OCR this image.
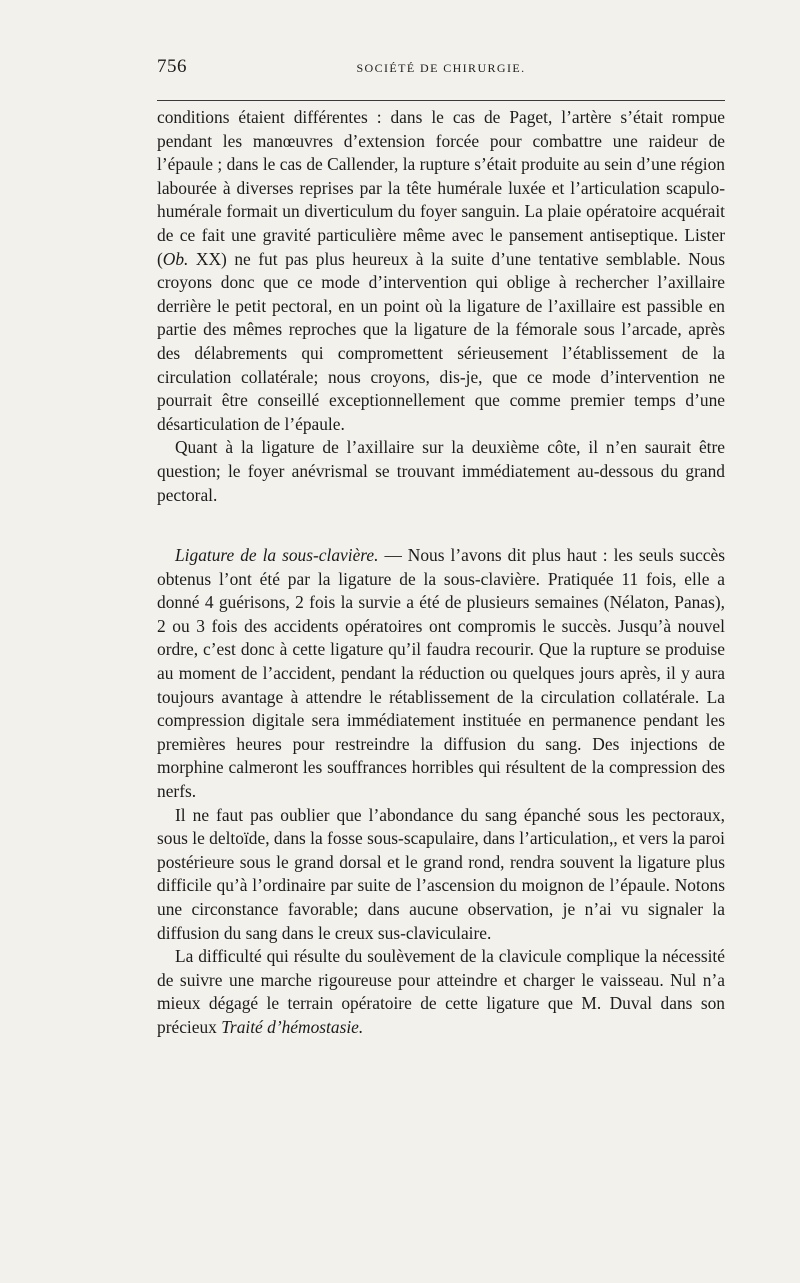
756	SOCIÉTÉ DE CHIRURGIE.

conditions étaient différentes : dans le cas de Paget, l’artère s’était rompue pendant les manœuvres d’extension forcée pour combattre une raideur de l’épaule ; dans le cas de Callender, la rupture s’était produite au sein d’une région labourée à diverses reprises par la tête humérale luxée et l’articulation scapulo-humérale formait un diverticulum du foyer sanguin. La plaie opératoire acquérait de ce fait une gravité particulière même avec le pansement antiseptique. Lister (Ob. XX) ne fut pas plus heureux à la suite d’une tentative semblable. Nous croyons donc que ce mode d’intervention qui oblige à rechercher l’axillaire derrière le petit pectoral, en un point où la ligature de l’axillaire est passible en partie des mêmes reproches que la ligature de la fémorale sous l’arcade, après des délabrements qui compromettent sérieusement l’établissement de la circulation collatérale; nous croyons, dis-je, que ce mode d’intervention ne pourrait être conseillé exceptionnellement que comme premier temps d’une désarticulation de l’épaule.

Quant à la ligature de l’axillaire sur la deuxième côte, il n’en saurait être question; le foyer anévrismal se trouvant immédiatement au-dessous du grand pectoral.

Ligature de la sous-clavière. — Nous l’avons dit plus haut : les seuls succès obtenus l’ont été par la ligature de la sous-clavière. Pratiquée 11 fois, elle a donné 4 guérisons, 2 fois la survie a été de plusieurs semaines (Nélaton, Panas), 2 ou 3 fois des accidents opératoires ont compromis le succès. Jusqu’à nouvel ordre, c’est donc à cette ligature qu’il faudra recourir. Que la rupture se produise au moment de l’accident, pendant la réduction ou quelques jours après, il y aura toujours avantage à attendre le rétablissement de la circulation collatérale. La compression digitale sera immédiatement instituée en permanence pendant les premières heures pour restreindre la diffusion du sang. Des injections de morphine calmeront les souffrances horribles qui résultent de la compression des nerfs.

Il ne faut pas oublier que l’abondance du sang épanché sous les pectoraux, sous le deltoïde, dans la fosse sous-scapulaire, dans l’articulation,, et vers la paroi postérieure sous le grand dorsal et le grand rond, rendra souvent la ligature plus difficile qu’à l’ordinaire par suite de l’ascension du moignon de l’épaule. Notons une circonstance favorable; dans aucune observation, je n’ai vu signaler la diffusion du sang dans le creux sus-claviculaire.

La difficulté qui résulte du soulèvement de la clavicule complique la nécessité de suivre une marche rigoureuse pour atteindre et charger le vaisseau. Nul n’a mieux dégagé le terrain opératoire de cette ligature que M. Duval dans son précieux Traité d’hémostasie.
